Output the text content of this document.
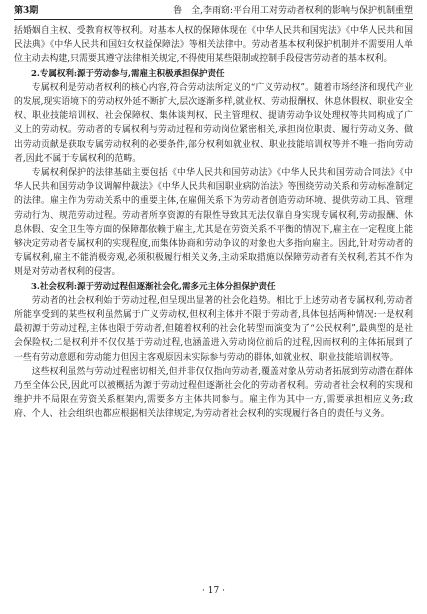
第3期	鲁　全,李雨窈:平台用工对劳动者权利的影响与保护机制重塑

括婚姻自主权、受教育权等权利。对基本人权的保障体现在《中华人民共和国宪法》《中华人民共和国民法典》《中华人民共和国妇女权益保障法》等相关法律中。劳动者基本权利保护机制并不需要用人单位主动去构建,只需要其遵守法律相关规定,不得使用某些限制或控制手段侵害劳动者的基本权利。

2.专属权利:源于劳动参与,需雇主积极承担保护责任

专属权利是劳动者权利的核心内容,符合劳动法所定义的“广义劳动权”。随着市场经济和现代产业的发展,现实语境下的劳动权外延不断扩大,层次逐渐多样,就业权、劳动报酬权、休息休假权、职业安全权、职业技能培训权、社会保障权、集体谈判权、民主管理权、提请劳动争议处理权等共同构成了广义上的劳动权。劳动者的专属权利与劳动过程和劳动岗位紧密相关,承担岗位职责、履行劳动义务、做出劳动贡献是获取专属劳动权利的必要条件,部分权利如就业权、职业技能培训权等并不唯一指向劳动者,因此不属于专属权利的范畴。

专属权利保护的法律基础主要包括《中华人民共和国劳动法》《中华人民共和国劳动合同法》《中华人民共和国劳动争议调解仲裁法》《中华人民共和国职业病防治法》等围绕劳动关系和劳动标准制定的法律。雇主作为劳动关系中的重要主体,在雇佣关系下为劳动者创造劳动环境、提供劳动工具、管理劳动行为、规范劳动过程。劳动者所享资源的有限性导致其无法仅靠自身实现专属权利,劳动报酬、休息休假、安全卫生等方面的保障都依赖于雇主,尤其是在劳资关系不平衡的情况下,雇主在一定程度上能够决定劳动者专属权利的实现程度,而集体协商和劳动争议的对象也大多指向雇主。因此,针对劳动者的专属权利,雇主不能消极旁观,必须积极履行相关义务,主动采取措施以保障劳动者有关权利,若其不作为则是对劳动者权利的侵害。

3.社会权利:源于劳动过程但逐渐社会化,需多元主体分担保护责任

劳动者的社会权利始于劳动过程,但呈现出显著的社会化趋势。相比于上述劳动者专属权利,劳动者所能享受到的某些权利虽然属于广义劳动权,但权利主体并不限于劳动者,具体包括两种情况:一是权利最初源于劳动过程,主体也限于劳动者,但随着权利的社会化转型而演变为了“公民权利”,最典型的是社会保险权;二是权利并不仅仅基于劳动过程,也涵盖进入劳动岗位前后的过程,因而权利的主体拓展到了一些有劳动意愿和劳动能力但因主客观原因未实际参与劳动的群体,如就业权、职业技能培训权等。

这些权利虽然与劳动过程密切相关,但并非仅仅指向劳动者,覆盖对象从劳动者拓展到劳动潜在群体乃至全体公民,因此可以被概括为源于劳动过程但逐渐社会化的劳动者权利。劳动者社会权利的实现和维护并不局限在劳资关系框架内,需要多方主体共同参与。雇主作为其中一方,需要承担相应义务;政府、个人、社会组织也都应根据相关法律规定,为劳动者社会权利的实现履行各自的责任与义务。

· 17 ·
